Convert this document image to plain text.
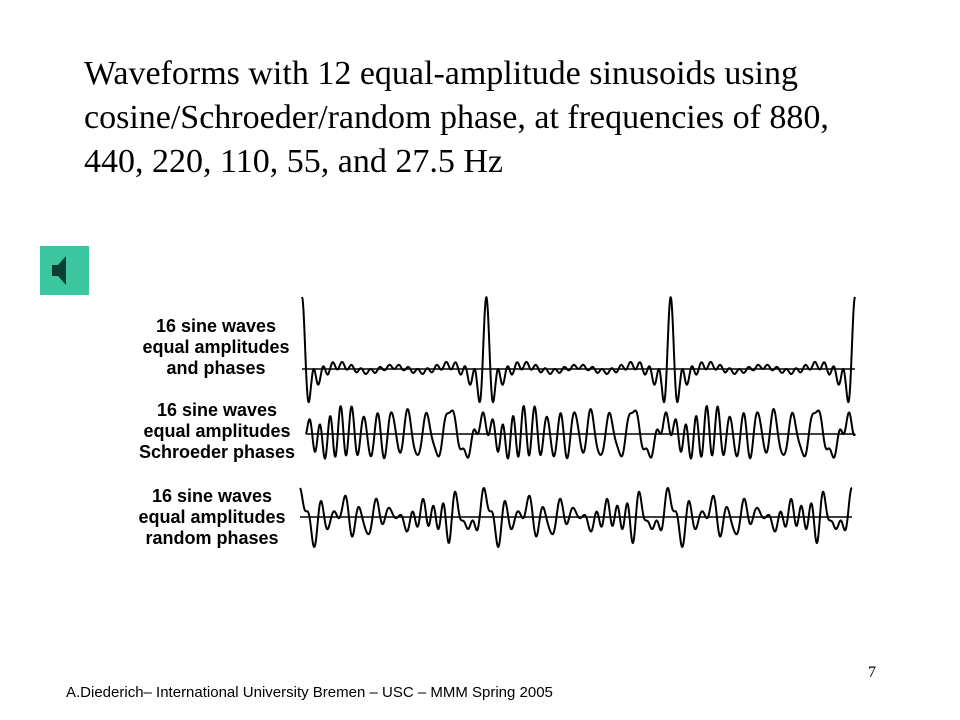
Waveforms with 12 equal-amplitude sinusoids using cosine/Schroeder/random phase, at frequencies of 880, 440, 220, 110, 55, and 27.5 Hz
16 sine waves
equal amplitudes
and phases
16 sine waves
equal amplitudes
Schroeder phases
16 sine waves
equal amplitudes
random phases
7
A.Diederich– International University Bremen – USC – MMM Spring 2005
